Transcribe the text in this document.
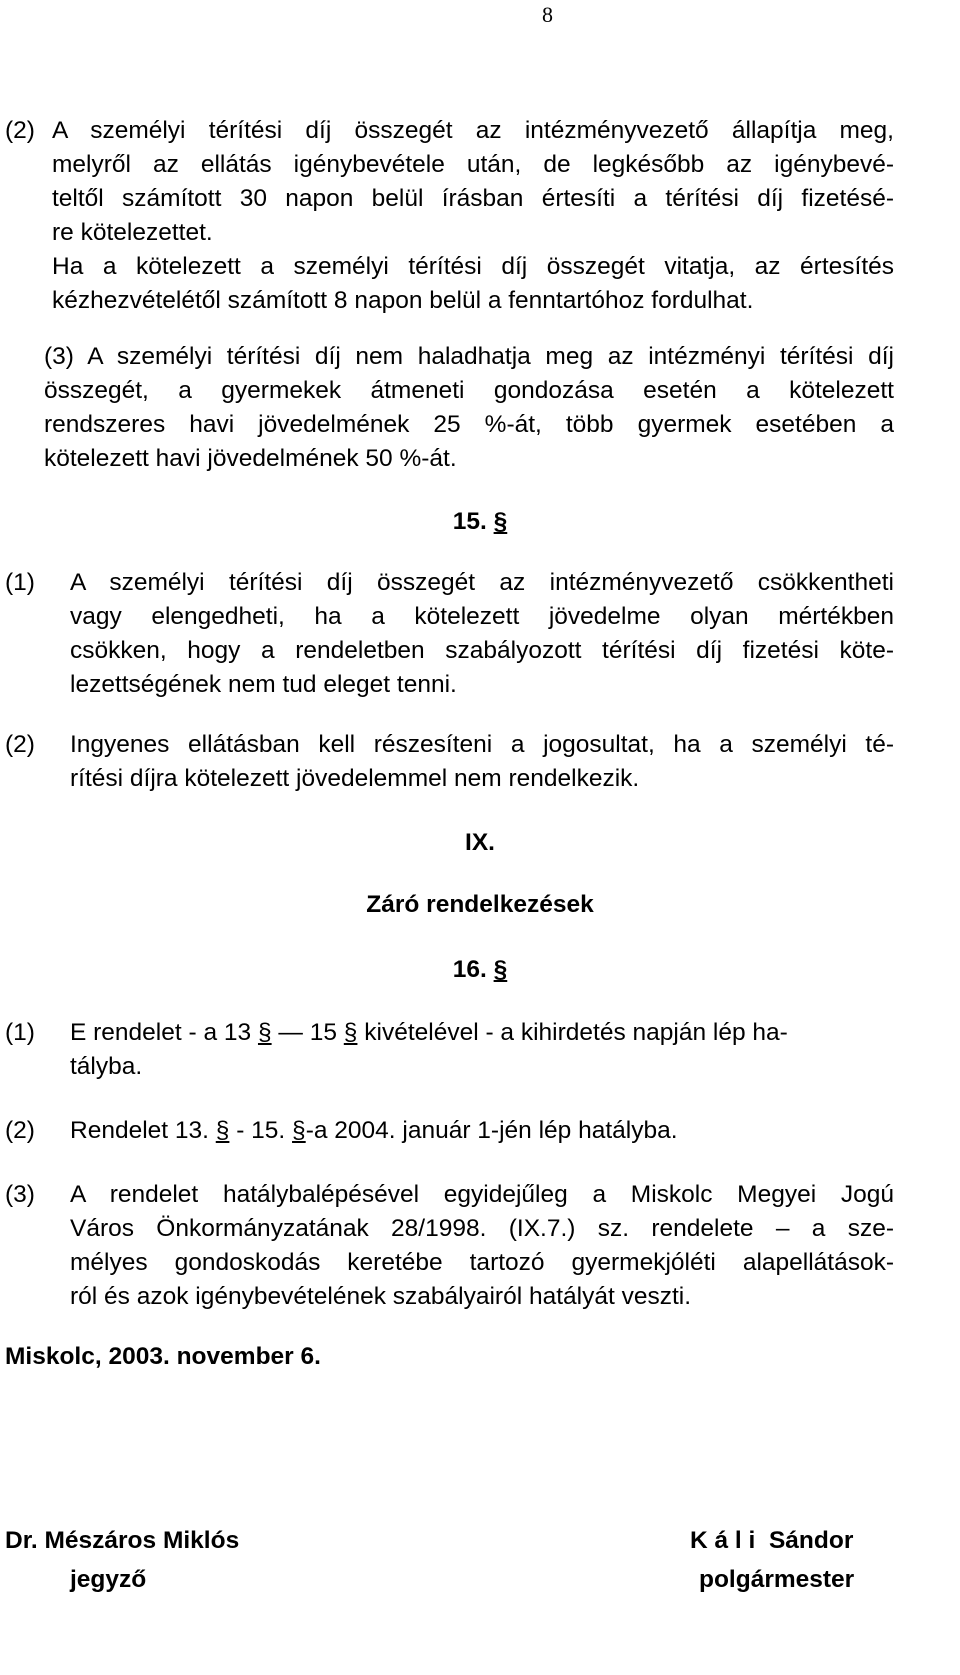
8
(2) A személyi térítési díj összegét az intézményvezető állapítja meg,
melyről az ellátás igénybevétele után, de legkésőbb az igénybevé-
teltől számított 30 napon belül írásban értesíti a térítési díj fizetésé-
re kötelezettet.
Ha a kötelezett a személyi térítési díj összegét vitatja, az értesítés
kézhezvételétől számított 8 napon belül a fenntartóhoz fordulhat.
(3) A személyi térítési díj nem haladhatja meg az intézményi térítési díj
összegét, a gyermekek átmeneti gondozása esetén a kötelezett
rendszeres havi jövedelmének 25 %-át, több gyermek esetében a
kötelezett havi jövedelmének 50 %-át.
15. §
(1) A személyi térítési díj összegét az intézményvezető csökkentheti
vagy elengedheti, ha a kötelezett jövedelme olyan mértékben
csökken, hogy a rendeletben szabályozott térítési díj fizetési köte-
lezettségének nem tud eleget tenni.
(2) Ingyenes ellátásban kell részesíteni a jogosultat, ha a személyi té-
rítési díjra kötelezett jövedelemmel nem rendelkezik.
IX.
Záró rendelkezések
16. §
(1) E rendelet - a 13 § — 15 § kivételével - a kihirdetés napján lép ha-
tályba.
(2) Rendelet 13. § - 15. §-a 2004. január 1-jén lép hatályba.
(3) A rendelet hatálybalépésével egyidejűleg a Miskolc Megyei Jogú
Város Önkormányzatának 28/1998. (IX.7.) sz. rendelete – a sze-
mélyes gondoskodás keretébe tartozó gyermekjóléti alapellátások-
ról és azok igénybevételének szabályairól hatályát veszti.
Miskolc, 2003. november 6.
Dr. Mészáros Miklós
jegyző
K á l i  Sándor
polgármester
